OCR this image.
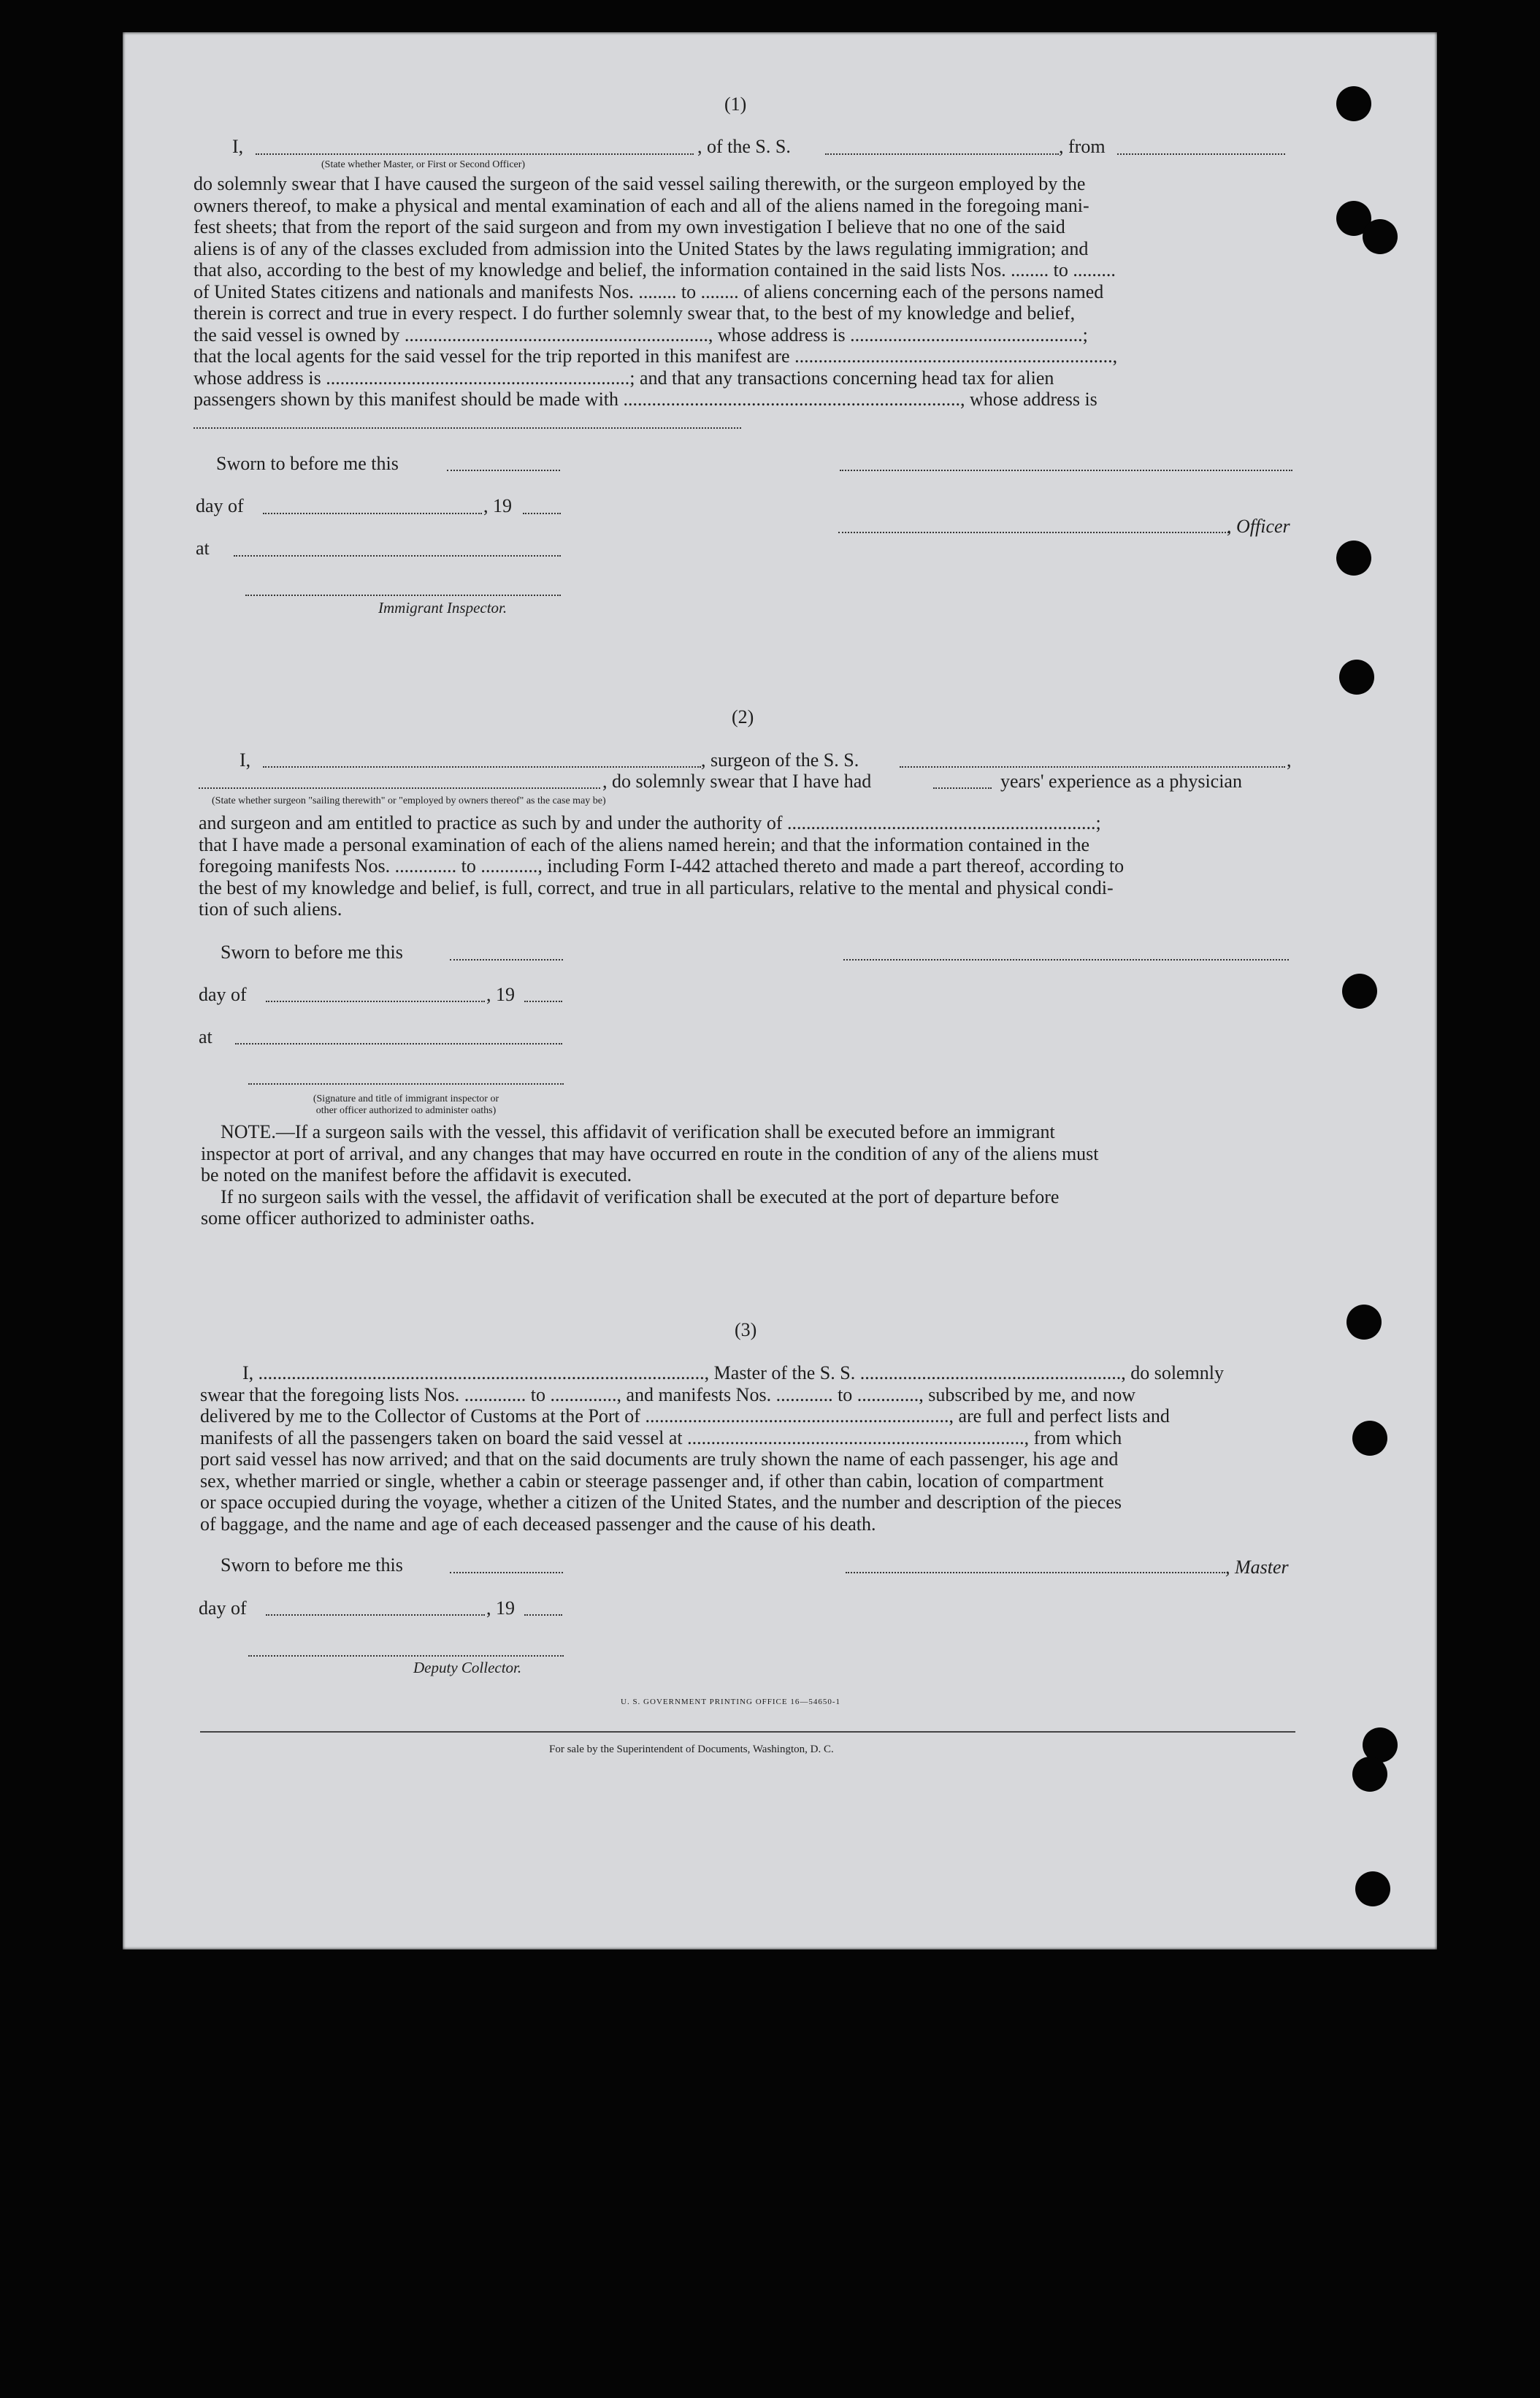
(1)
I,	, of the S. S.	, from
(State whether Master, or First or Second Officer)
do solemnly swear that I have caused the surgeon of the said vessel sailing therewith, or the surgeon employed by the
owners thereof, to make a physical and mental examination of each and all of the aliens named in the foregoing mani-
fest sheets; that from the report of the said surgeon and from my own investigation I believe that no one of the said
aliens is of any of the classes excluded from admission into the United States by the laws regulating immigration; and
that also, according to the best of my knowledge and belief, the information contained in the said lists Nos. ........ to .........
of United States citizens and nationals and manifests Nos. ........ to ........ of aliens concerning each of the persons named
therein is correct and true in every respect. I do further solemnly swear that, to the best of my knowledge and belief,
the said vessel is owned by ................................................................, whose address is .................................................;
that the local agents for the said vessel for the trip reported in this manifest are ...................................................................,
whose address is ................................................................; and that any transactions concerning head tax for alien
passengers shown by this manifest should be made with ......................................................................., whose address is
Sworn to before me this
day of	, 19
, Officer
at
Immigrant Inspector.
(2)
I,	, surgeon of the S. S.	,
, do solemnly swear that I have had	years' experience as a physician
(State whether surgeon "sailing therewith" or "employed by owners thereof" as the case may be)
and surgeon and am entitled to practice as such by and under the authority of .................................................................;
that I have made a personal examination of each of the aliens named herein; and that the information contained in the
foregoing manifests Nos. ............. to ............, including Form I-442 attached thereto and made a part thereof, according to
the best of my knowledge and belief, is full, correct, and true in all particulars, relative to the mental and physical condi-
tion of such aliens.
Sworn to before me this
day of	, 19
at
(Signature and title of immigrant inspector or
other officer authorized to administer oaths)
NOTE.—If a surgeon sails with the vessel, this affidavit of verification shall be executed before an immigrant
inspector at port of arrival, and any changes that may have occurred en route in the condition of any of the aliens must
be noted on the manifest before the affidavit is executed.
If no surgeon sails with the vessel, the affidavit of verification shall be executed at the port of departure before
some officer authorized to administer oaths.
(3)
I, .............................................................................................., Master of the S. S. ......................................................., do solemnly
swear that the foregoing lists Nos. ............. to .............., and manifests Nos. ............ to ............., subscribed by me, and now
delivered by me to the Collector of Customs at the Port of ................................................................, are full and perfect lists and
manifests of all the passengers taken on board the said vessel at ......................................................................., from which
port said vessel has now arrived; and that on the said documents are truly shown the name of each passenger, his age and
sex, whether married or single, whether a cabin or steerage passenger and, if other than cabin, location of compartment
or space occupied during the voyage, whether a citizen of the United States, and the number and description of the pieces
of baggage, and the name and age of each deceased passenger and the cause of his death.
Sworn to before me this	, Master
day of	, 19
Deputy Collector.
U. S. GOVERNMENT PRINTING OFFICE 16—54650-1
For sale by the Superintendent of Documents, Washington, D. C.
